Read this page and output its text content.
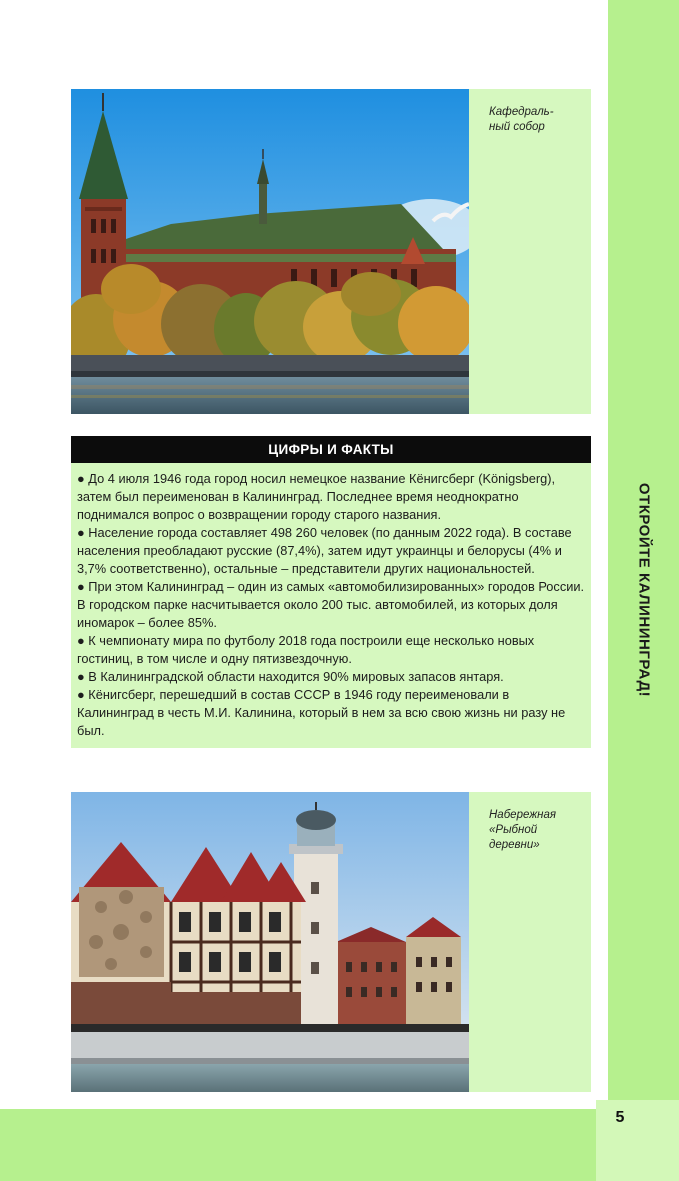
ОТКРОЙТЕ КАЛИНИНГРАД!
Кафедраль-
ный собор
ЦИФРЫ И ФАКТЫ

● До 4 июля 1946 года город носил немецкое название Кёнигсберг (Königsberg), затем был переименован в Калининград. Последнее время неоднократно поднимался вопрос о возвращении городу старого названия.

● Население города составляет 498 260 человек (по данным 2022 года). В составе населения преобладают русские (87,4%), затем идут украинцы и белорусы (4% и 3,7% соответственно), остальные – представители других национальностей.

● При этом Калининград – один из самых «автомобилизированных» городов России. В городском парке насчитывается около 200 тыс. автомобилей, из которых доля иномарок – более 85%.

● К чемпионату мира по футболу 2018 года построили еще несколько новых гостиниц, в том числе и одну пятизвездочную.

● В Калининградской области находится 90% мировых запасов янтаря.

● Кёнигсберг, перешедший в состав СССР в 1946 году переименовали в Калининград в честь М.И. Калинина, который в нем за всю свою жизнь ни разу не был.

Набережная
«Рыбной
деревни»
5
